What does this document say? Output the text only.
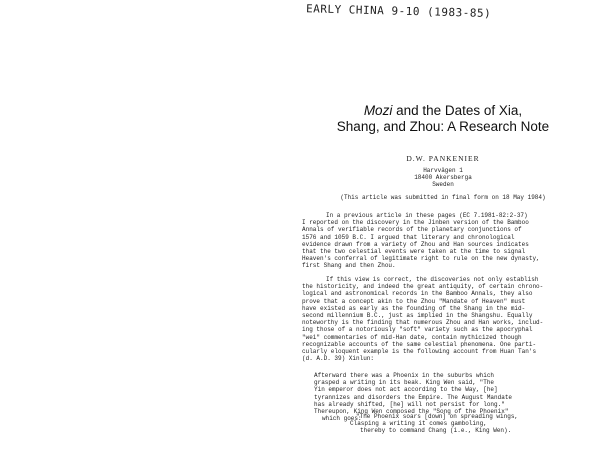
EARLY CHINA 9-10 (1983-85)
Mozi and the Dates of Xia,
Shang, and Zhou: A Research Note
D.W. PANKENIER
Harvvägen 1
18400 Akersberga
Sweden
(This article was submitted in final form on 18 May 1984)
In a previous article in these pages (EC 7.1981-82:2-37)
I reported on the discovery in the Jinben version of the Bamboo
Annals of verifiable records of the planetary conjunctions of
1576 and 1059 B.C. I argued that literary and chronological
evidence drawn from a variety of Zhou and Han sources indicates
that the two celestial events were taken at the time to signal
Heaven's conferral of legitimate right to rule on the new dynasty,
first Shang and then Zhou.
If this view is correct, the discoveries not only establish
the historicity, and indeed the great antiquity, of certain chrono-
logical and astronomical records in the Bamboo Annals, they also
prove that a concept akin to the Zhou "Mandate of Heaven" must
have existed as early as the founding of the Shang in the mid-
second millennium B.C., just as implied in the Shangshu. Equally
noteworthy is the finding that numerous Zhou and Han works, includ-
ing those of a notoriously "soft" variety such as the apocryphal
"wei" commentaries of mid-Han date, contain mythicized though
recognizable accounts of the same celestial phenomena. One parti-
cularly eloquent example is the following account from Huan Tan's
(d. A.D. 39) Xinlun:
Afterward there was a Phoenix in the suburbs which
grasped a writing in its beak. King Wen said, "The
Yin emperor does not act according to the Way, [he]
tyrannizes and disorders the Empire. The August Mandate
has already shifted, [he] will not persist for long."
Thereupon, King Wen composed the "Song of the Phoenix"
which goes:
"The Phoenix soars [down] on spreading wings,
Clasping a writing it comes gamboling,
thereby to command Chang (i.e., King Wen).
